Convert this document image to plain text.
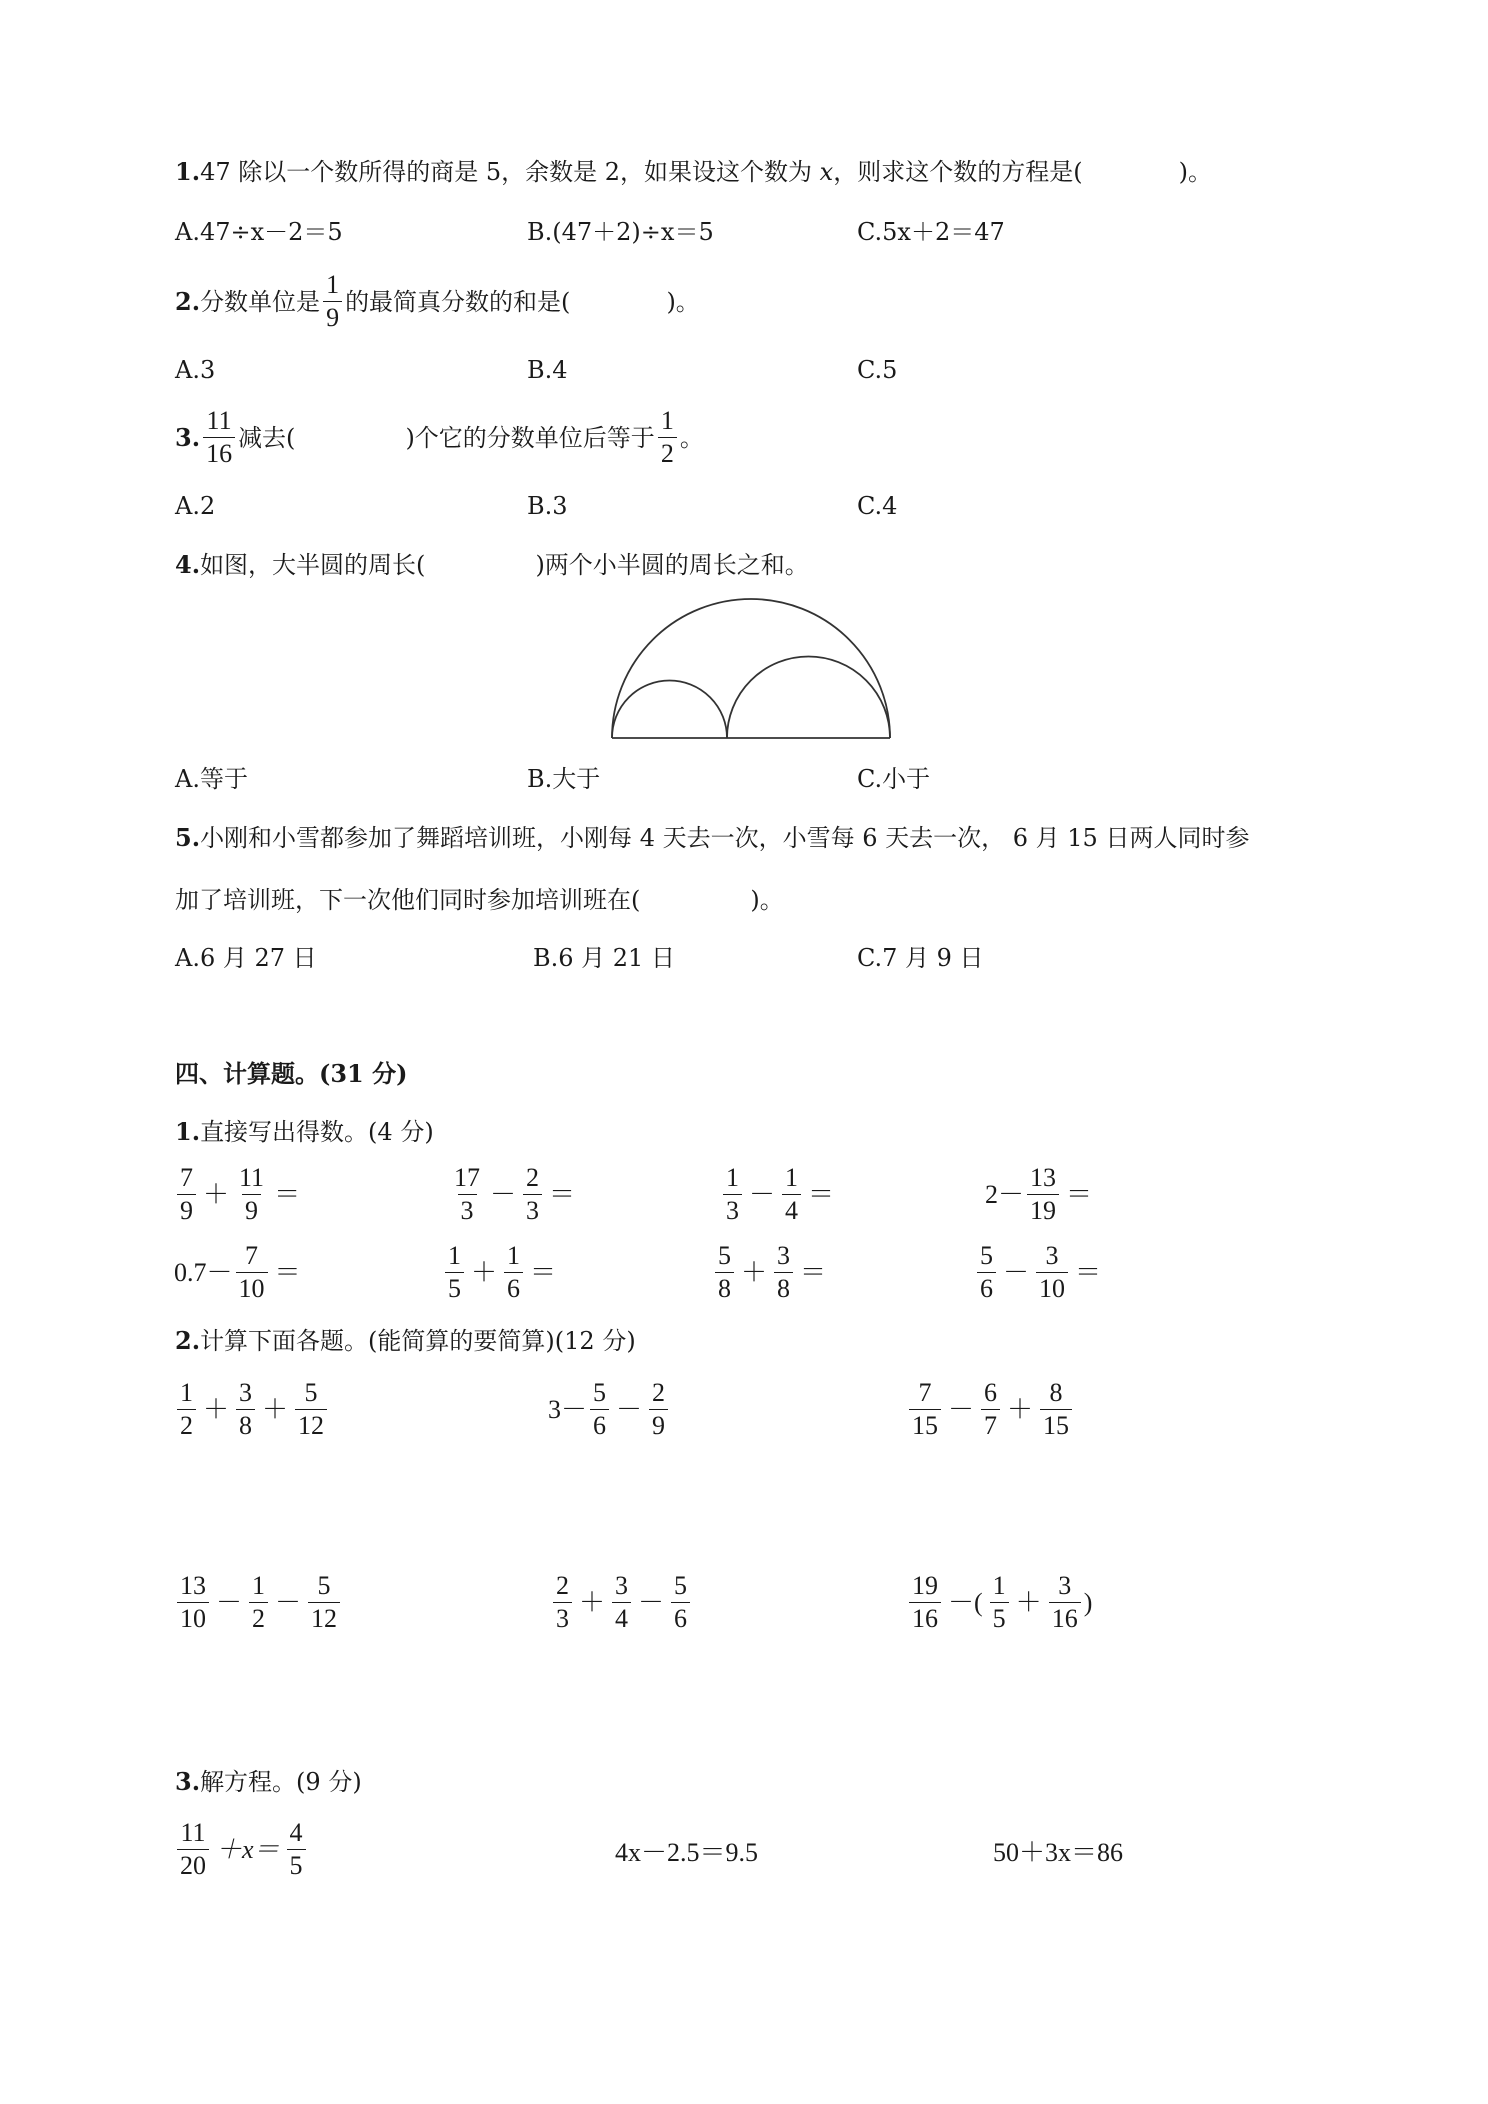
1.47 除以一个数所得的商是 5，余数是 2，如果设这个数为 x，则求这个数的方程是(	)。
A.47÷x－2＝5	B.(47＋2)÷x＝5	C.5x＋2＝47
2. 分数单位是 $\frac{1}{9}$ 的最简真分数的和是(	)。
A.3	B.4	C.5
3. $\frac{11}{16}$ 减去(	)个它的分数单位后等于 $\frac{1}{2}$ 。
A.2	B.3	C.4
4.如图，大半圆的周长(	)两个小半圆的周长之和。
A.等于	B.大于	C.小于
5.小刚和小雪都参加了舞蹈培训班，小刚每 4 天去一次，小雪每 6 天去一次， 6 月 15 日两人同时参
加了培训班，下一次他们同时参加培训班在(	)。
A.6 月 27 日	B.6 月 21 日	C.7 月 9 日
四、计算题。(31 分)
1.直接写出得数。(4 分)
$\frac{7}{9} + \frac{11}{9}$ ＝	$\frac{17}{3} - \frac{2}{3}$ ＝	$\frac{1}{3} - \frac{1}{4}$ ＝	$2- \frac{13}{19}$ ＝
$0.7- \frac{7}{10}$ ＝	$\frac{1}{5} + \frac{1}{6}$ ＝	$\frac{5}{8} + \frac{3}{8}$ ＝	$\frac{5}{6} - \frac{3}{10}$ ＝
2.计算下面各题。(能简算的要简算)(12 分)
$\frac{1}{2} + \frac{3}{8} + \frac{5}{12}$	$3- \frac{5}{6} - \frac{2}{9}$	$\frac{7}{15} - \frac{6}{7} + \frac{8}{15}$
$\frac{13}{10} - \frac{1}{2} - \frac{5}{12}$	$\frac{2}{3} + \frac{3}{4} - \frac{5}{6}$	$\frac{19}{16}$ －( $\frac{1}{5} + \frac{3}{16}$ )
3.解方程。(9 分)
$\frac{11}{20} +x= \frac{4}{5}$	4x－2.5＝9.5	50＋3x＝86
